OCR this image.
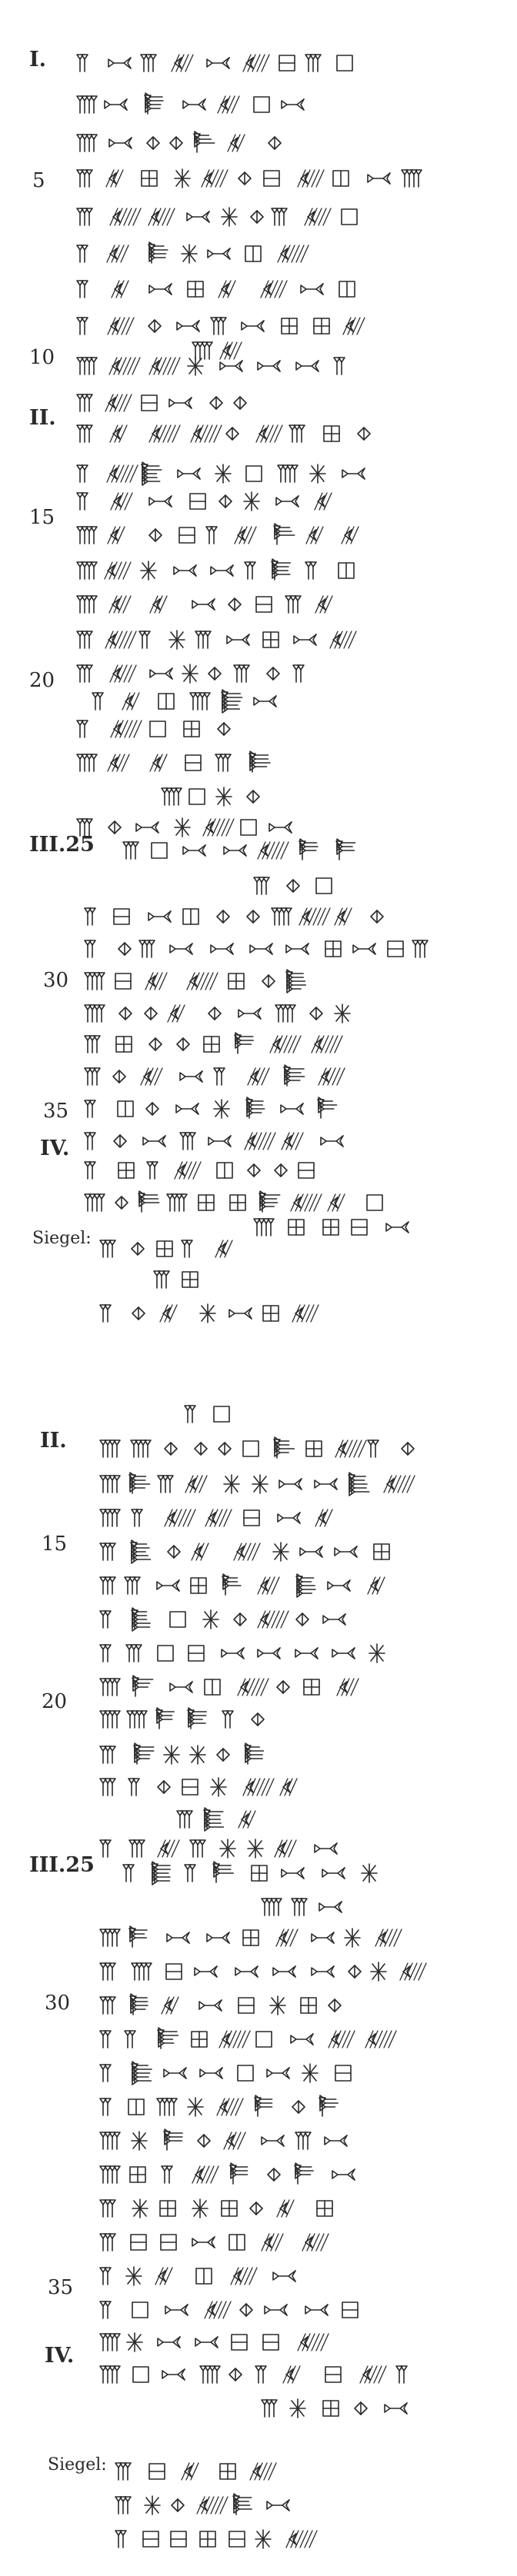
I.
5
10
II.
15
20
III.25
30
35
IV.
Siegel:
II.
15
20
III.25
30
35
IV.
Siegel:
